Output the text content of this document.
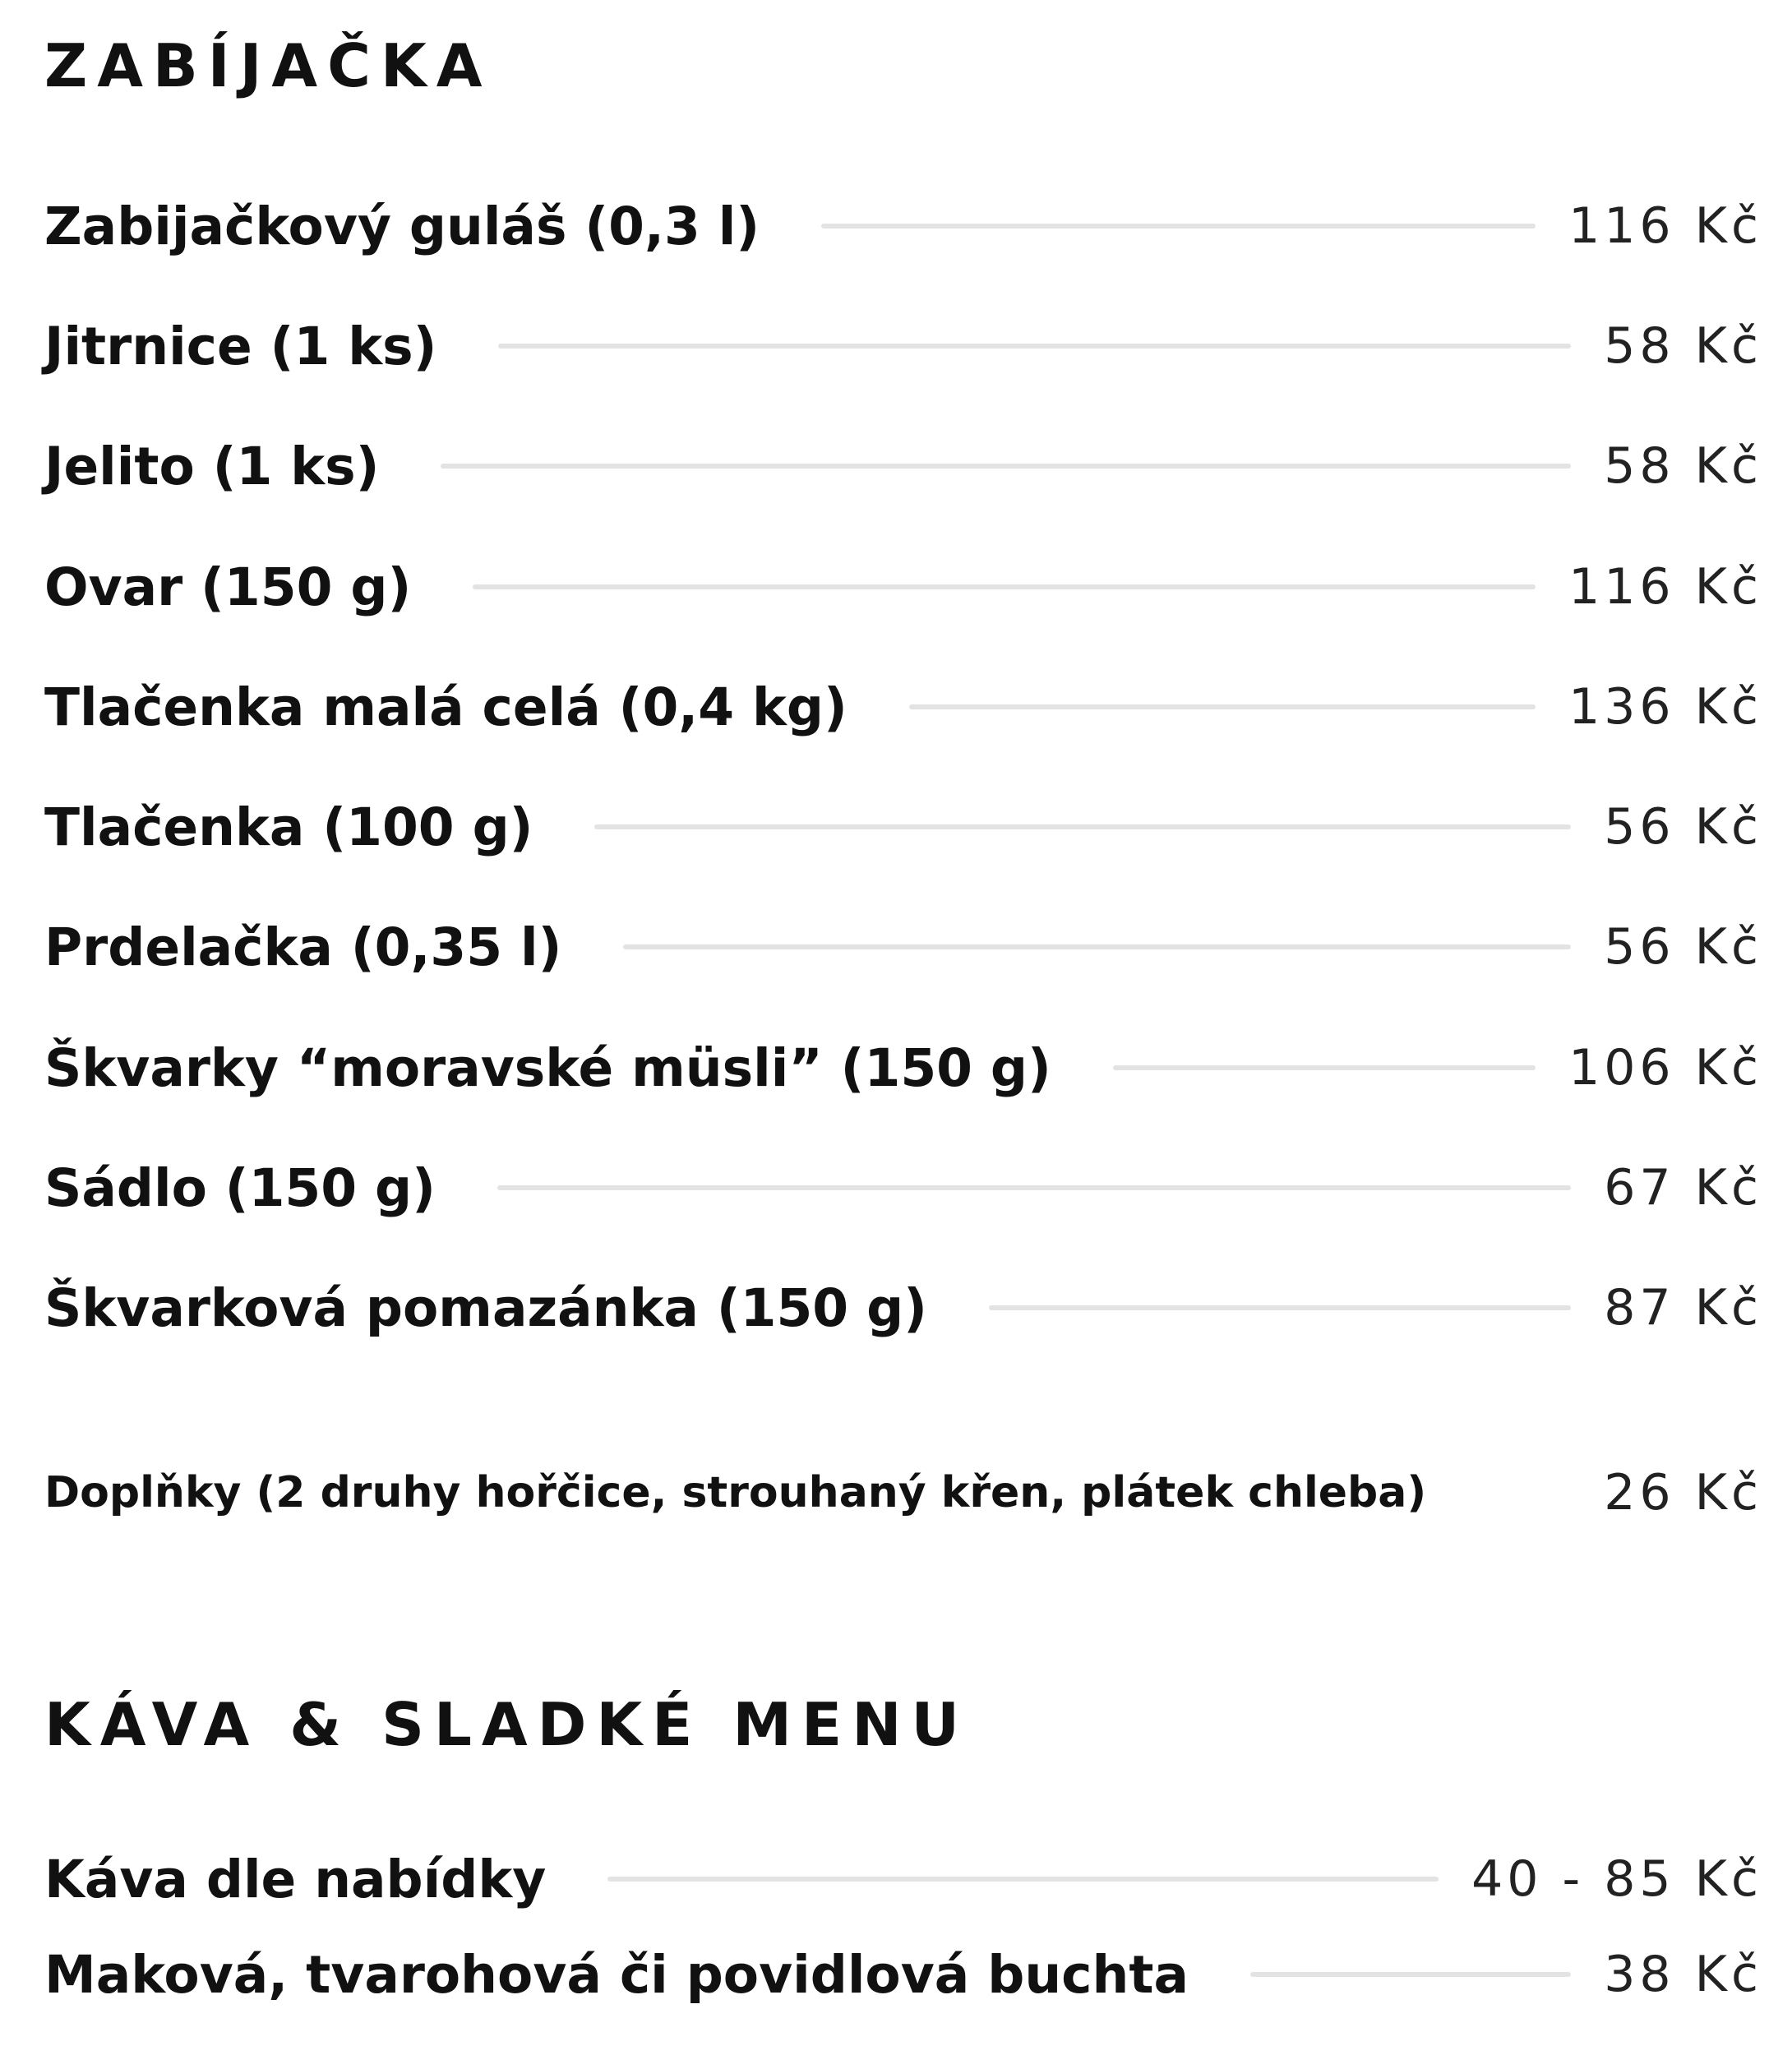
ZABÍJAČKA
Zabijačkový guláš (0,3 l)	116 Kč
Jitrnice (1 ks)	58 Kč
Jelito (1 ks)	58 Kč
Ovar (150 g)	116 Kč
Tlačenka malá celá (0,4 kg)	136 Kč
Tlačenka (100 g)	56 Kč
Prdelačka (0,35 l)	56 Kč
Škvarky “moravské müsli” (150 g)	106 Kč
Sádlo (150 g)	67 Kč
Škvarková pomazánka (150 g)	87 Kč
Doplňky (2 druhy hořčice, strouhaný křen, plátek chleba)	26 Kč
KÁVA & SLADKÉ MENU
Káva dle nabídky	40 - 85 Kč
Maková, tvarohová či povidlová buchta	38 Kč
